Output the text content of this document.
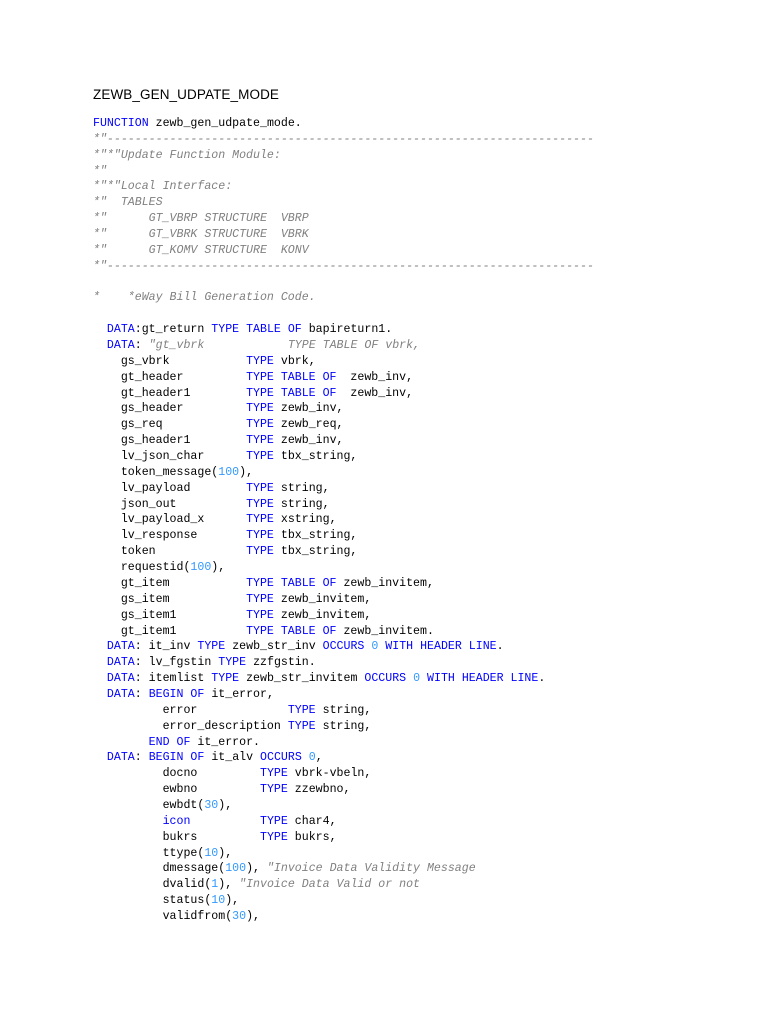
ZEWB_GEN_UDPATE_MODE
FUNCTION zewb_gen_udpate_mode.
*"----------------------------------------------------------------------
*"*"Update Function Module:
*"
*"*"Local Interface:
*"  TABLES
*"      GT_VBRP STRUCTURE  VBRP
*"      GT_VBRK STRUCTURE  VBRK
*"      GT_KOMV STRUCTURE  KONV
*"----------------------------------------------------------------------
*    *eWay Bill Generation Code.
DATA:gt_return TYPE TABLE OF bapireturn1.
DATA: "gt_vbrk            TYPE TABLE OF vbrk,
gs_vbrk           TYPE vbrk,
gt_header         TYPE TABLE OF  zewb_inv,
gt_header1        TYPE TABLE OF  zewb_inv,
gs_header         TYPE zewb_inv,
gs_req            TYPE zewb_req,
gs_header1        TYPE zewb_inv,
lv_json_char      TYPE tbx_string,
token_message(100),
lv_payload        TYPE string,
json_out          TYPE string,
lv_payload_x      TYPE xstring,
lv_response       TYPE tbx_string,
token             TYPE tbx_string,
requestid(100),
gt_item           TYPE TABLE OF zewb_invitem,
gs_item           TYPE zewb_invitem,
gs_item1          TYPE zewb_invitem,
gt_item1          TYPE TABLE OF zewb_invitem.
DATA: it_inv TYPE zewb_str_inv OCCURS 0 WITH HEADER LINE.
DATA: lv_fgstin TYPE zzfgstin.
DATA: itemlist TYPE zewb_str_invitem OCCURS 0 WITH HEADER LINE.
DATA: BEGIN OF it_error,
error             TYPE string,
error_description TYPE string,
END OF it_error.
DATA: BEGIN OF it_alv OCCURS 0,
docno         TYPE vbrk-vbeln,
ewbno         TYPE zzewbno,
ewbdt(30),
icon	TYPE char4,
bukrs         TYPE bukrs,
ttype(10),
dmessage(100), "Invoice Data Validity Message
dvalid(1), "Invoice Data Valid or not
status(10),
validfrom(30),
